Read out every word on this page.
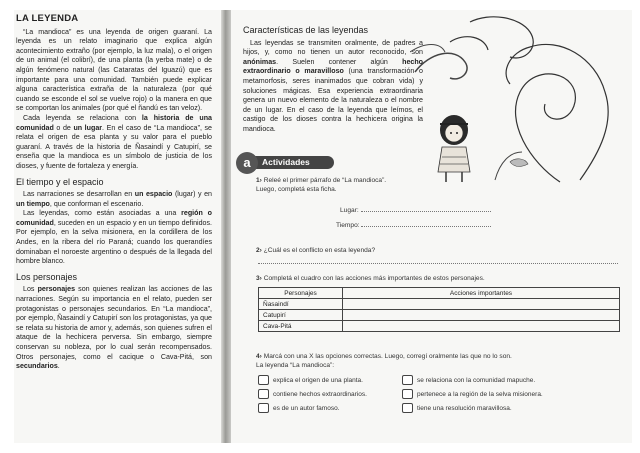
LA LEYENDA

“La mandioca” es una leyenda de origen guaraní. La leyenda es un relato imaginario que explica algún acontecimiento extraño (por ejemplo, la luz mala), o el origen de un animal (el colibrí), de una planta (la yerba mate) o de algún fenómeno natural (las Cataratas del Iguazú) que es importante para una comunidad. También puede explicar alguna característica extraña de la naturaleza (por qué cuando se esconde el sol se vuelve rojo) o la manera en que se comportan los animales (por qué el ñandú es tan veloz).

Cada leyenda se relaciona con la historia de una comunidad o de un lugar. En el caso de “La mandioca”, se relata el origen de esa planta y su valor para el pueblo guaraní. A través de la historia de Ñasaindí y Catupirí, se enseña que la mandioca es un símbolo de justicia de los dioses, y fuente de fortaleza y energía.

El tiempo y el espacio

Las narraciones se desarrollan en un espacio (lugar) y en un tiempo, que conforman el escenario.

Las leyendas, como están asociadas a una región o comunidad, suceden en un espacio y en un tiempo definidos. Por ejemplo, en la selva misionera, en la cordillera de los Andes, en la ribera del río Paraná; cuando los querandíes dominaban el noroeste argentino o después de la llegada del hombre blanco.

Los personajes

Los personajes son quienes realizan las acciones de las narraciones. Según su importancia en el relato, pueden ser protagonistas o personajes secundarios. En “La mandioca”, por ejemplo, Ñasaindí y Catupirí son los protagonistas, ya que se relata su historia de amor y, además, son quienes sufren el ataque de la hechicera perversa. Sin embargo, siempre conservan su nobleza, por lo cual serán recompensados. Otros personajes, como el cacique o Cava-Pitá, son secundarios.

Características de las leyendas

Las leyendas se transmiten oralmente, de padres a hijos, y, como no tienen un autor reconocido, son anónimas. Suelen contener algún hecho extraordinario o maravilloso (una transformación o metamorfosis, seres inanimados que cobran vida) y soluciones mágicas. Esa experiencia extraordinaria genera un nuevo elemento de la naturaleza o el nombre de un lugar. En el caso de la leyenda que leímos, el castigo de los dioses contra la hechicera origina la mandioca.

Actividades
a
1› Releé el primer párrafo de “La mandioca”.
Luego, completá esta ficha.
Lugar:
Tiempo:
2› ¿Cuál es el conflicto en esta leyenda?
3› Completá el cuadro con las acciones más importantes de estos personajes.
Personajes	Acciones importantes
Ñasaindí	
Catupirí	
Cava-Pitá	
4› Marcá con una X las opciones correctas. Luego, corregí oralmente las que no lo son.
La leyenda “La mandioca”:
explica el origen de una planta.
contiene hechos extraordinarios.
es de un autor famoso.
se relaciona con la comunidad mapuche.
pertenece a la región de la selva misionera.
tiene una resolución maravillosa.
